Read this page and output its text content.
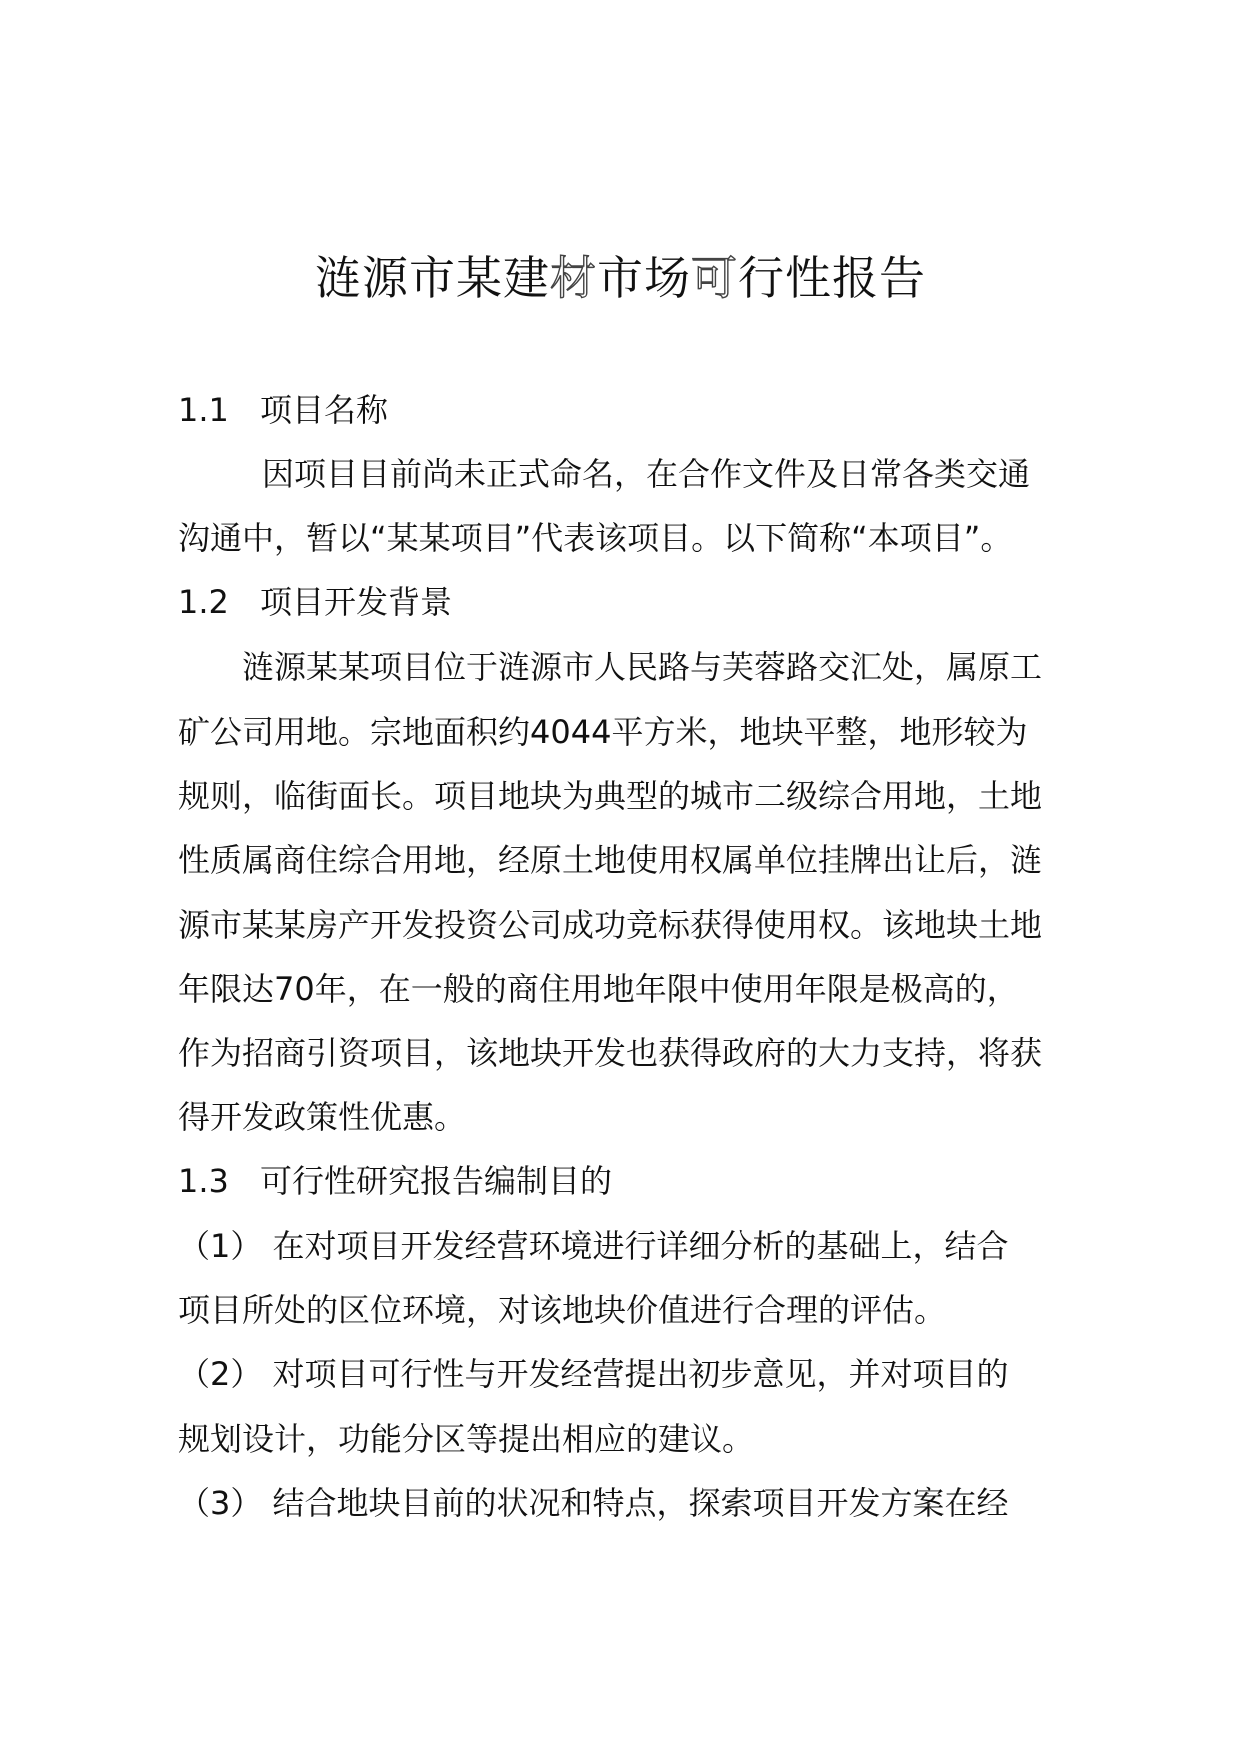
涟源市某建材市场可行性报告
1.1 项目名称
因项目目前尚未正式命名，在合作文件及日常各类交通
沟通中，暂以“某某项目”代表该项目。以下简称“本项目”。
1.2 项目开发背景
涟源某某项目位于涟源市人民路与芙蓉路交汇处，属原工
矿公司用地。宗地面积约4044平方米，地块平整，地形较为
规则，临街面长。项目地块为典型的城市二级综合用地，土地
性质属商住综合用地，经原土地使用权属单位挂牌出让后，涟
源市某某房产开发投资公司成功竞标获得使用权。该地块土地
年限达70年，在一般的商住用地年限中使用年限是极高的，
作为招商引资项目，该地块开发也获得政府的大力支持，将获
得开发政策性优惠。
1.3 可行性研究报告编制目的
（1） 在对项目开发经营环境进行详细分析的基础上，结合
项目所处的区位环境，对该地块价值进行合理的评估。
（2） 对项目可行性与开发经营提出初步意见，并对项目的
规划设计，功能分区等提出相应的建议。
（3） 结合地块目前的状况和特点，探索项目开发方案在经
